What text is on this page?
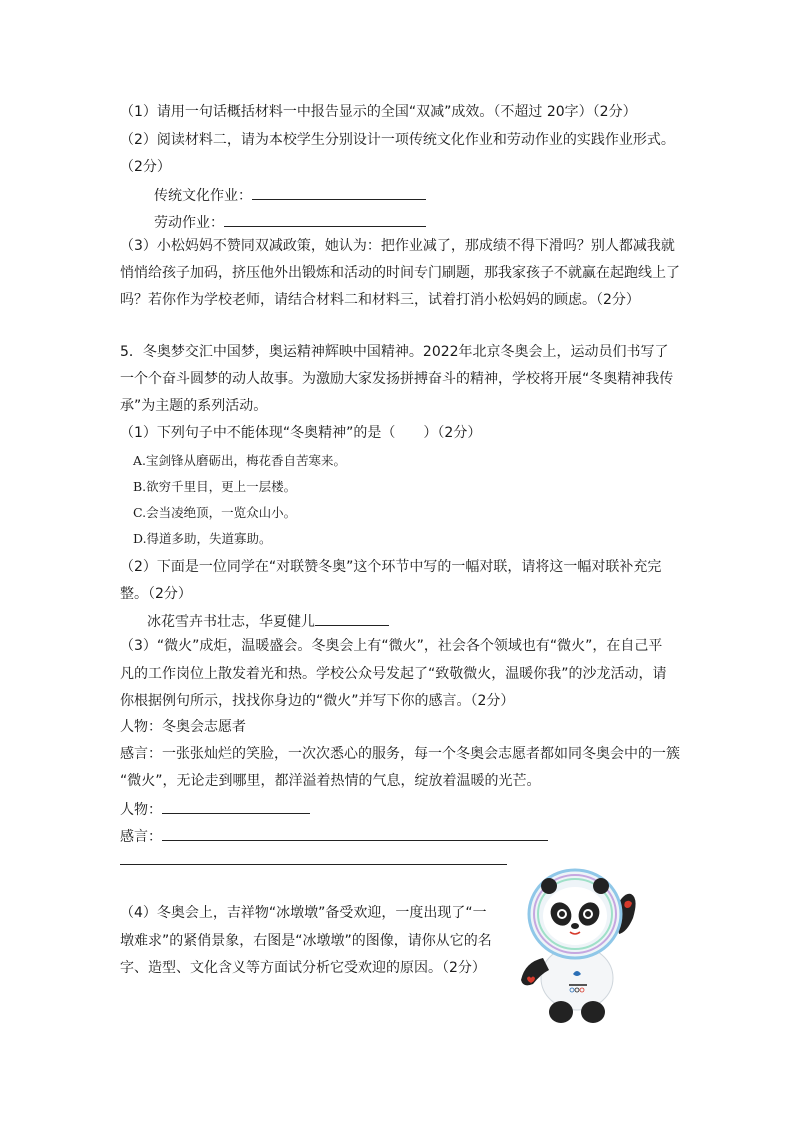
（1）请用一句话概括材料一中报告显示的全国“双减”成效。（不超过 20字）（2分）
（2）阅读材料二，请为本校学生分别设计一项传统文化作业和劳动作业的实践作业形式。
（2分）
传统文化作业：
劳动作业：
（3）小松妈妈不赞同双减政策，她认为：把作业减了，那成绩不得下滑吗？别人都减我就
悄悄给孩子加码，挤压他外出锻炼和活动的时间专门刷题，那我家孩子不就赢在起跑线上了
吗？若你作为学校老师，请结合材料二和材料三，试着打消小松妈妈的顾虑。（2分）
5．冬奥梦交汇中国梦，奥运精神辉映中国精神。2022年北京冬奥会上，运动员们书写了
一个个奋斗圆梦的动人故事。为激励大家发扬拼搏奋斗的精神，学校将开展“冬奥精神我传
承”为主题的系列活动。
（1）下列句子中不能体现“冬奥精神”的是（　　）（2分）
A.宝剑锋从磨砺出，梅花香自苦寒来。
B.欲穷千里目，更上一层楼。
C.会当凌绝顶，一览众山小。
D.得道多助，失道寡助。
（2）下面是一位同学在“对联赞冬奥”这个环节中写的一幅对联，请将这一幅对联补充完
整。（2分）
冰花雪卉书壮志，华夏健儿
（3）“微火”成炬，温暖盛会。冬奥会上有“微火”，社会各个领域也有“微火”，在自己平
凡的工作岗位上散发着光和热。学校公众号发起了“致敬微火，温暖你我”的沙龙活动，请
你根据例句所示，找找你身边的“微火”并写下你的感言。（2分）
人物：冬奥会志愿者
感言：一张张灿烂的笑脸，一次次悉心的服务，每一个冬奥会志愿者都如同冬奥会中的一簇
“微火”，无论走到哪里，都洋溢着热情的气息，绽放着温暖的光芒。
人物：
感言：
（4）冬奥会上，吉祥物“冰墩墩”备受欢迎，一度出现了“一
墩难求”的紧俏景象，右图是“冰墩墩”的图像，请你从它的名
字、造型、文化含义等方面试分析它受欢迎的原因。（2分）
